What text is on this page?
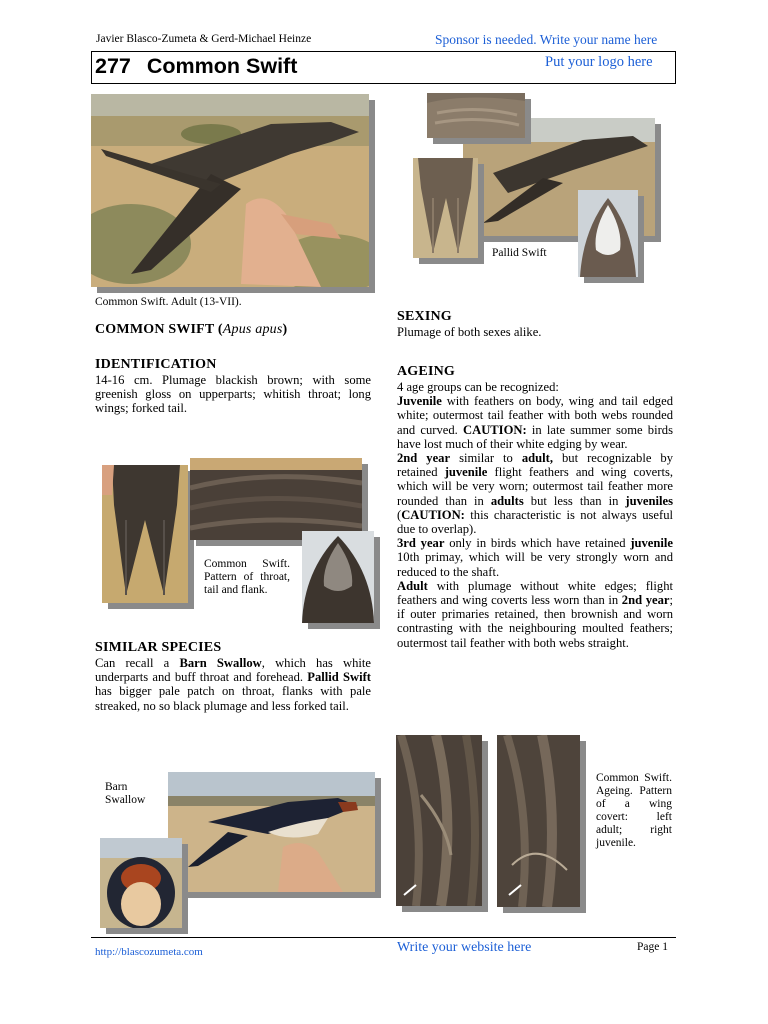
Javier Blasco-Zumeta & Gerd-Michael Heinze	Sponsor is needed. Write your name here
277 Common Swift	Put your logo here
Common Swift. Adult (13-VII).
Pallid Swift
COMMON SWIFT (Apus apus)
IDENTIFICATION
14-16 cm. Plumage blackish brown; with some greenish gloss on upperparts; whitish throat; long wings; forked tail.
Common Swift. Pattern of throat, tail and flank.
SIMILAR SPECIES
Can recall a Barn Swallow, which has white underparts and buff throat and forehead. Pallid Swift has bigger pale patch on throat, flanks with pale streaked, no so black plumage and less forked tail.
Barn Swallow
SEXING
Plumage of both sexes alike.
AGEING
4 age groups can be recognized:
Juvenile with feathers on body, wing and tail edged white; outermost tail feather with both webs rounded and curved. CAUTION: in late summer some birds have lost much of their white edging by wear.
2nd year similar to adult, but recognizable by retained juvenile flight feathers and wing coverts, which will be very worn; outermost tail feather more rounded than in adults but less than in juveniles (CAUTION: this characteristic is not always useful due to overlap).
3rd year only in birds which have retained juvenile 10th primay, which will be very strongly worn and reduced to the shaft.
Adult with plumage without white edges; flight feathers and wing coverts less worn than in 2nd year; if outer primaries retained, then brownish and worn contrasting with the neighbouring moulted feathers; outermost tail feather with both webs straight.
Common Swift. Ageing. Pattern of a wing covert: left adult; right juvenile.
http://blascozumeta.com	Write your website here	Page 1
